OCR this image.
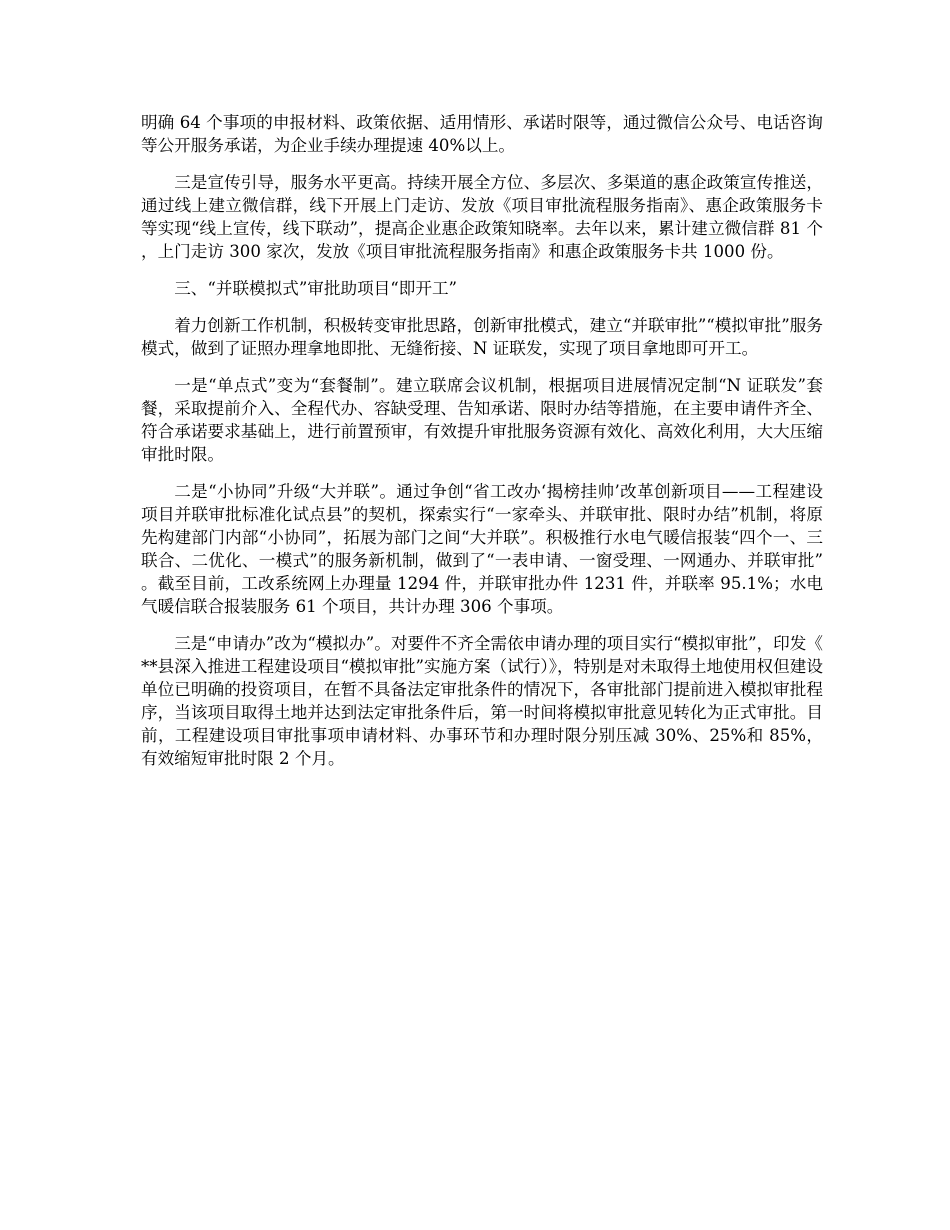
明确 64 个事项的申报材料、政策依据、适用情形、承诺时限等，通过微信公众号、电话咨询等公开服务承诺，为企业手续办理提速 40%以上。

三是宣传引导，服务水平更高。持续开展全方位、多层次、多渠道的惠企政策宣传推送，通过线上建立微信群，线下开展上门走访、发放《项目审批流程服务指南》、惠企政策服务卡等实现“线上宣传，线下联动”，提高企业惠企政策知晓率。去年以来，累计建立微信群 81 个，上门走访 300 家次，发放《项目审批流程服务指南》和惠企政策服务卡共 1000 份。

三、“并联模拟式”审批助项目“即开工”

着力创新工作机制，积极转变审批思路，创新审批模式，建立“并联审批”“模拟审批”服务模式，做到了证照办理拿地即批、无缝衔接、N 证联发，实现了项目拿地即可开工。

一是“单点式”变为“套餐制”。建立联席会议机制，根据项目进展情况定制“N 证联发”套餐，采取提前介入、全程代办、容缺受理、告知承诺、限时办结等措施，在主要申请件齐全、符合承诺要求基础上，进行前置预审，有效提升审批服务资源有效化、高效化利用，大大压缩审批时限。

二是“小协同”升级“大并联”。通过争创“省工改办‘揭榜挂帅’改革创新项目——工程建设项目并联审批标准化试点县”的契机，探索实行“一家牵头、并联审批、限时办结”机制，将原先构建部门内部“小协同”，拓展为部门之间“大并联”。积极推行水电气暖信报装“四个一、三联合、二优化、一模式”的服务新机制，做到了“一表申请、一窗受理、一网通办、并联审批”。截至目前，工改系统网上办理量 1294 件，并联审批办件 1231 件，并联率 95.1%；水电气暖信联合报装服务 61 个项目，共计办理 306 个事项。

三是“申请办”改为“模拟办”。对要件不齐全需依申请办理的项目实行“模拟审批”，印发《**县深入推进工程建设项目“模拟审批”实施方案（试行）》，特别是对未取得土地使用权但建设单位已明确的投资项目，在暂不具备法定审批条件的情况下，各审批部门提前进入模拟审批程序，当该项目取得土地并达到法定审批条件后，第一时间将模拟审批意见转化为正式审批。目前，工程建设项目审批事项申请材料、办事环节和办理时限分别压减 30%、25%和 85%，有效缩短审批时限 2 个月。
